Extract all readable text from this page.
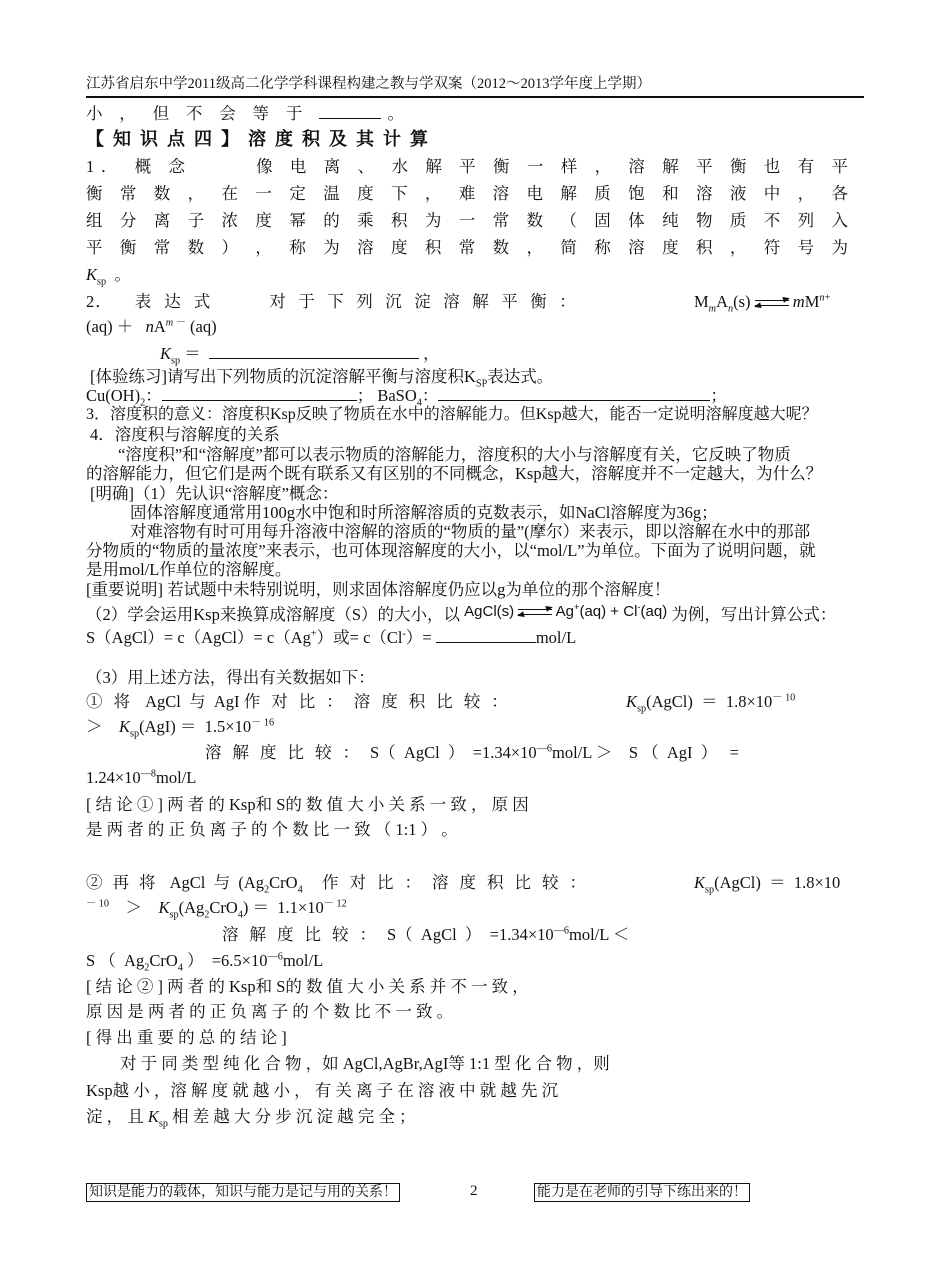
江苏省启东中学2011级高二化学学科课程构建之教与学双案（2012～2013学年度上学期）
小 ， 但 不 会 等 于	。
【知识点四】溶度积及其计算
1． 概 念      像 电 离 、 水 解 平 衡 一 样 ， 溶 解 平 衡 也 有 平
衡 常 数 ， 在 一 定 温 度 下 ， 难 溶 电 解 质 饱 和 溶 液 中 ， 各
组 分 离 子 浓 度 幂 的 乘 积 为 一 常 数 （ 固 体 纯 物 质 不 列 入
平 衡 常 数 ） ， 称 为 溶 度 积 常 数 ， 简 称 溶 度 积 ， 符 号 为
$K_{sp}$ 。
2． 表达式	对于下列沉淀溶解平衡：	$M_mA_n(s)$
$mM^{n+}$
$(aq) + nA^{m -}$ (aq)
$K_{sp}$ ＝	，
[体验练习]请写出下列物质的沉淀溶解平衡与溶度积$K_{SP}$表达式。
$Cu(OH)_2$：	； BaSO$_4$：	；
3．溶度积的意义：溶度积Ksp反映了物质在水中的溶解能力。但Ksp越大，能否一定说明溶解度越大呢？
4．溶度积与溶解度的关系
“溶度积”和“溶解度”都可以表示物质的溶解能力，溶度积的大小与溶解度有关，它反映了物质
的溶解能力，但它们是两个既有联系又有区别的不同概念，Ksp越大，溶解度并不一定越大，为什么？
[明确]（1）先认识“溶解度”概念：
固体溶解度通常用100g水中饱和时所溶解溶质的克数表示，如NaCl溶解度为36g；
对难溶物有时可用每升溶液中溶解的溶质的“物质的量”(摩尔）来表示，即以溶解在水中的那部
分物质的“物质的量浓度”来表示，也可体现溶解度的大小，以“mol/L”为单位。下面为了说明问题，就
是用mol/L作单位的溶解度。
[重要说明] 若试题中未特别说明，则求固体溶解度仍应以g为单位的那个溶解度！
（2）学会运用Ksp来换算成溶解度（S）的大小，以 AgCl(s)	Ag+(aq) + Cl-(aq) 为例，写出计算公式：
S（AgCl）= c（AgCl）= c（Ag+）或= c（Cl-）=	mol/L
（3）用上述方法，得出有关数据如下：
①将 AgCl  与  AgI 作对比：溶度积比较：	$K_{sp}(AgCl) = 1.8\times 10^{- 10}$
＞    $K_{sp}(AgI) = 1.5\times 10^{- 16}$
溶解度比较：S（  AgCl  ）  $=1.34\times 10^{—6}mol/L$ ＞    S （  AgI  ）   =
$1.24\times 10^{—8}mol/L$
[ 结 论 ① ] 两 者 的 Ksp和 S的 数 值 大 小 关 系 一 致 ， 原 因
是 两 者 的 正 负 离 子 的 个 数 比 一 致 （ 1:1 ） 。
②再将 AgCl  与  ($Ag_2CrO_4$  作对比：溶度积比较：	$K_{sp}(AgCl) = 1.8\times 10$
$^{- 10}$    ＞    $K_{sp}(Ag_2CrO_4) = 1.1\times 10^{- 12}$
溶解度比较：S（  AgCl  ）  $=1.34\times 10^{—6}mol/L$ ＜
S （  $Ag_2CrO_4$ ）  $=6.5\times 10^{—6}mol/L$
[ 结 论 ② ] 两 者 的 Ksp和 S的 数 值 大 小 关 系 并 不 一 致 ，
原 因 是 两 者 的 正 负 离 子 的 个 数 比 不 一 致 。
[ 得 出 重 要 的 总 的 结 论 ]
对 于 同 类 型 纯 化 合 物 ，如 AgCl,AgBr,AgI等 1:1 型 化 合 物 ，则
Ksp越 小 ，溶 解 度 就 越 小 ， 有 关 离 子 在 溶 液 中 就 越 先 沉
淀 ， 且 $K_{sp}$ 相 差 越 大 分 步 沉 淀 越 完 全 ；
知识是能力的载体，知识与能力是记与用的关系！	2	能力是在老师的引导下练出来的！
